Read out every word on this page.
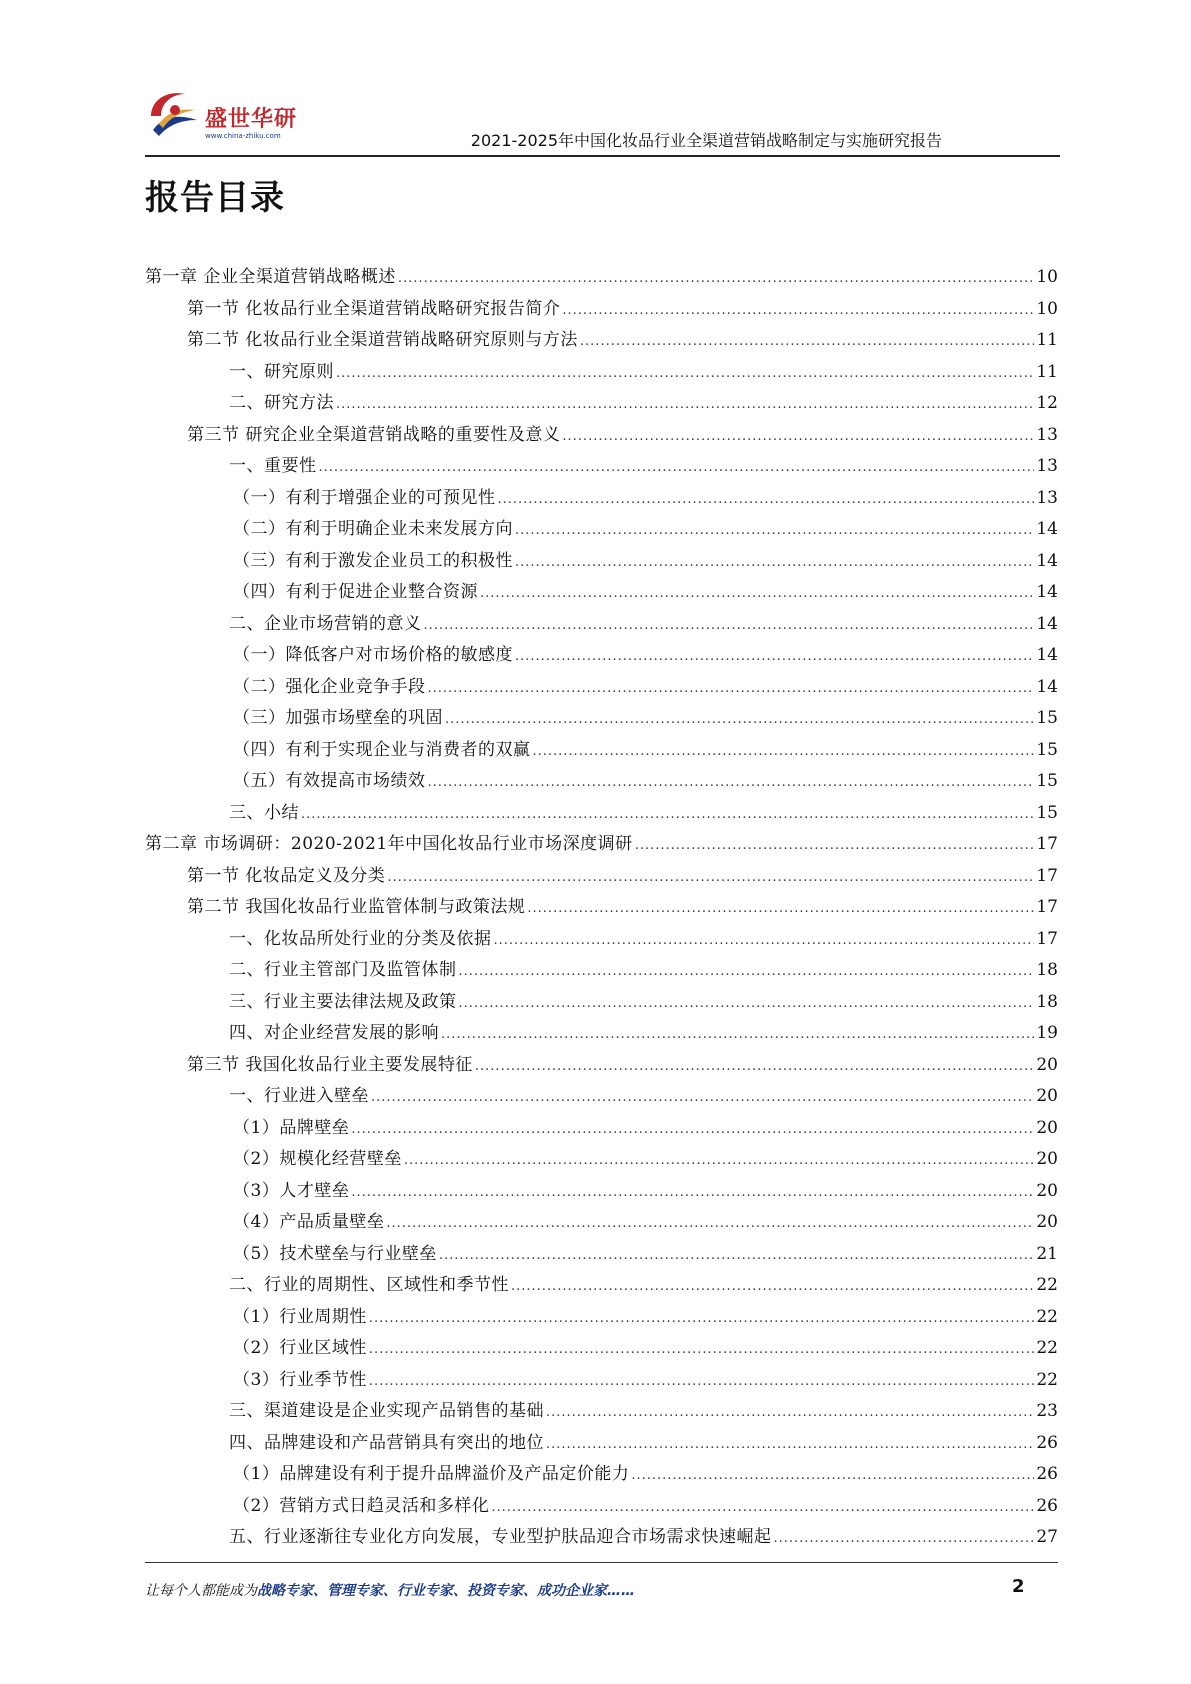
盛世华研
www.china-zhiku.com	2021-2025年中国化妆品行业全渠道营销战略制定与实施研究报告
报告目录
第一章 企业全渠道营销战略概述 .....	10
第一节 化妆品行业全渠道营销战略研究报告简介 .....	10
第二节 化妆品行业全渠道营销战略研究原则与方法 .....	11
一、研究原则 .....	11
二、研究方法 .....	12
第三节 研究企业全渠道营销战略的重要性及意义 .....	13
一、重要性 .....	13
（一）有利于增强企业的可预见性 .....	13
（二）有利于明确企业未来发展方向 .....	14
（三）有利于激发企业员工的积极性 .....	14
（四）有利于促进企业整合资源 .....	14
二、企业市场营销的意义 .....	14
（一）降低客户对市场价格的敏感度 .....	14
（二）强化企业竞争手段 .....	14
（三）加强市场壁垒的巩固 .....	15
（四）有利于实现企业与消费者的双赢 .....	15
（五）有效提高市场绩效 .....	15
三、小结 .....	15
第二章 市场调研：2020-2021年中国化妆品行业市场深度调研 .....	17
第一节 化妆品定义及分类 .....	17
第二节 我国化妆品行业监管体制与政策法规 .....	17
一、化妆品所处行业的分类及依据 .....	17
二、行业主管部门及监管体制 .....	18
三、行业主要法律法规及政策 .....	18
四、对企业经营发展的影响 .....	19
第三节 我国化妆品行业主要发展特征 .....	20
一、行业进入壁垒 .....	20
（1）品牌壁垒 .....	20
（2）规模化经营壁垒 .....	20
（3）人才壁垒 .....	20
（4）产品质量壁垒 .....	20
（5）技术壁垒与行业壁垒 .....	21
二、行业的周期性、区域性和季节性 .....	22
（1）行业周期性 .....	22
（2）行业区域性 .....	22
（3）行业季节性 .....	22
三、渠道建设是企业实现产品销售的基础 .....	23
四、品牌建设和产品营销具有突出的地位 .....	26
（1）品牌建设有利于提升品牌溢价及产品定价能力 .....	26
（2）营销方式日趋灵活和多样化 .....	26
五、行业逐渐往专业化方向发展，专业型护肤品迎合市场需求快速崛起 .....	27
让每个人都能成为战略专家、管理专家、行业专家、投资专家、成功企业家……	2
